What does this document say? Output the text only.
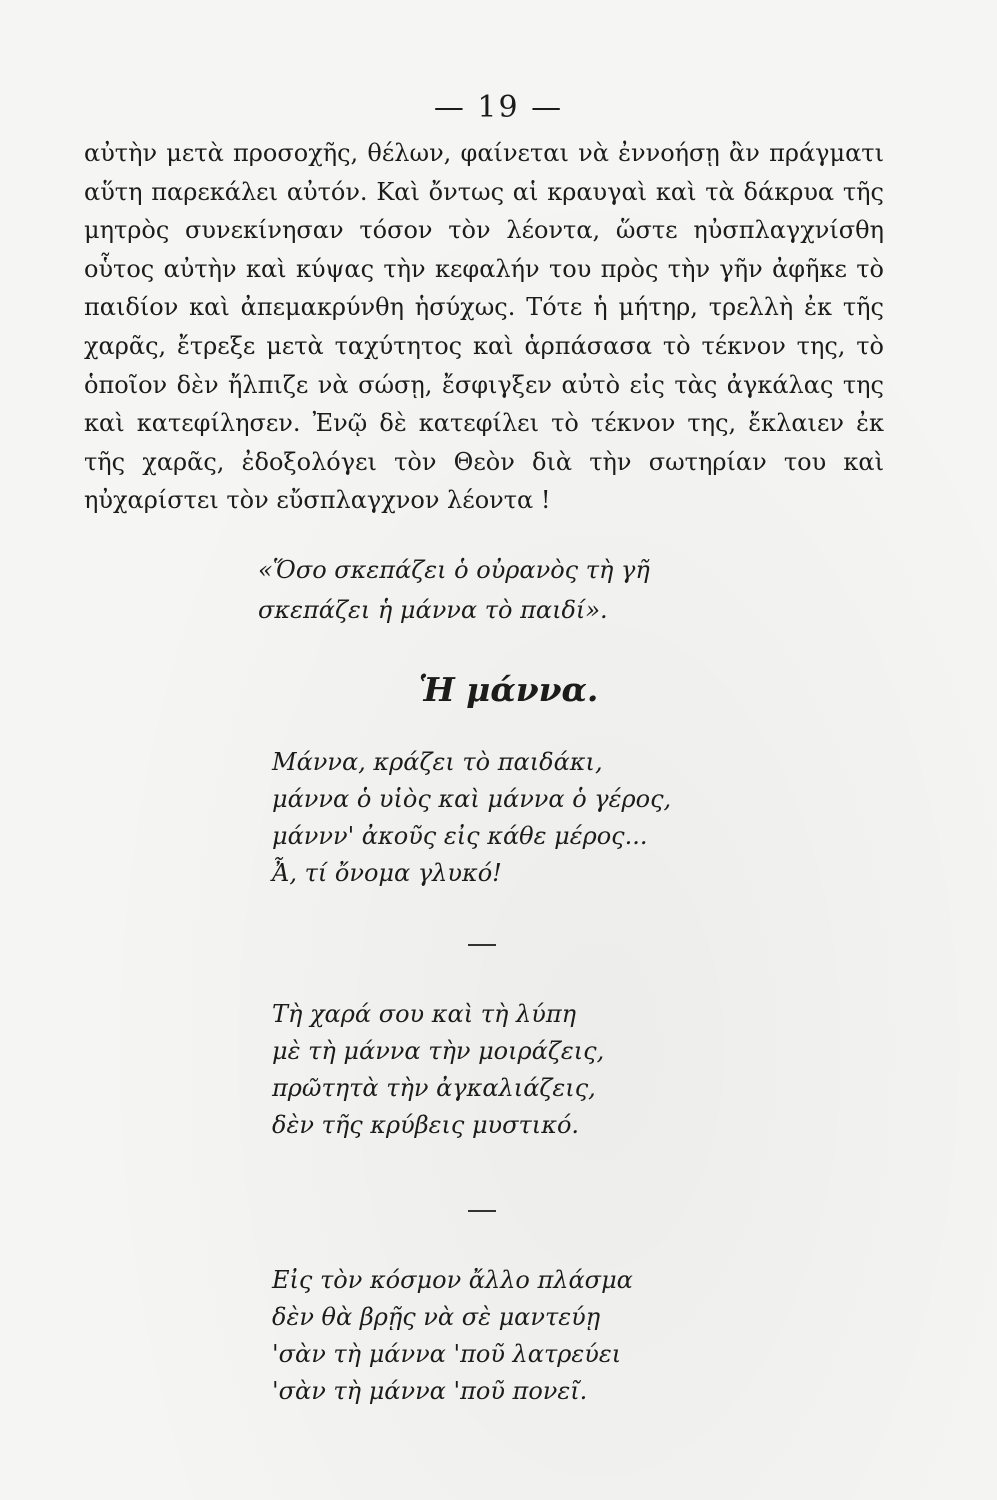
— 19 —

αὐτὴν μετὰ προσοχῆς, θέλων, φαίνεται νὰ ἐννοήσῃ ἂν πράγματι αὕτη παρεκάλει αὐτόν. Καὶ ὄντως αἱ κραυγαὶ καὶ τὰ δάκρυα τῆς μητρὸς συνεκίνησαν τόσον τὸν λέοντα, ὥστε ηὐσπλαγχνίσθη οὗτος αὐτὴν καὶ κύψας τὴν κεφαλήν του πρὸς τὴν γῆν ἀφῆκε τὸ παιδίον καὶ ἀπεμακρύνθη ἡσύχως. Τότε ἡ μήτηρ, τρελλὴ ἐκ τῆς χαρᾶς, ἔτρεξε μετὰ ταχύτητος καὶ ἁρπάσασα τὸ τέκνον της, τὸ ὁποῖον δὲν ἤλπιζε νὰ σώσῃ, ἔσφιγξεν αὐτὸ εἰς τὰς ἀγκάλας της καὶ κατεφίλησεν. Ἐνῷ δὲ κατεφίλει τὸ τέκνον της, ἔκλαιεν ἐκ τῆς χαρᾶς, ἐδοξολόγει τὸν Θεὸν διὰ τὴν σωτηρίαν του καὶ ηὐχαρίστει τὸν εὔσπλαγχνον λέοντα !

«Ὅσο σκεπάζει ὁ οὐρανὸς τὴ γῆ
σκεπάζει ἡ μάννα τὸ παιδί».
Ἡ μάννα.
Μάννα, κράζει τὸ παιδάκι,
μάννα ὁ υἱὸς καὶ μάννα ὁ γέρος,
μάννν' ἀκοῦς εἰς κάθε μέρος...
Ἆ, τί ὄνομα γλυκό!
Τὴ χαρά σου καὶ τὴ λύπη
μὲ τὴ μάννα τὴν μοιράζεις,
πρῶτητὰ τὴν ἀγκαλιάζεις,
δὲν τῆς κρύβεις μυστικό.
Εἰς τὸν κόσμον ἄλλο πλάσμα
δὲν θὰ βρῇς νὰ σὲ μαντεύῃ
'σὰν τὴ μάννα 'ποῦ λατρεύει
'σὰν τὴ μάννα 'ποῦ πονεῖ.
